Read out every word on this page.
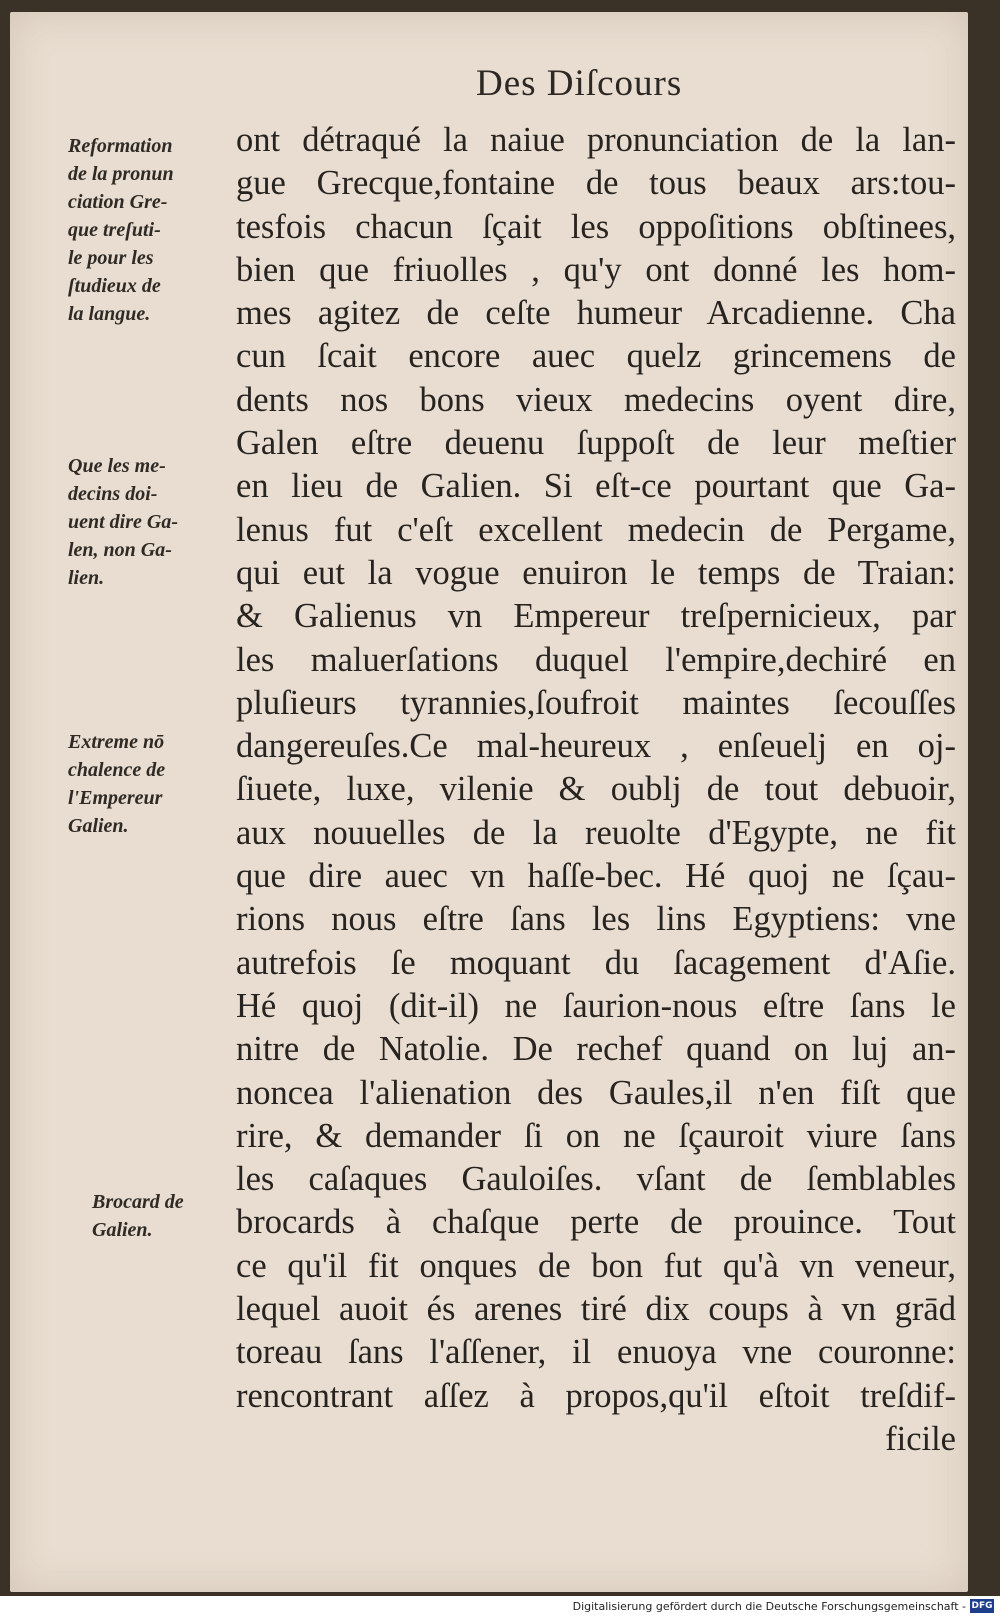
Des Diſcours
ont détraqué la naiue pronunciation de la lan-
gue Grecque,fontaine de tous beaux ars:tou-
tesfois chacun ſçait les oppoſitions obſtinees,
bien que friuolles , qu'y ont donné les hom-
mes agitez de ceſte humeur Arcadienne. Cha
cun ſcait encore auec quelz grincemens de
dents nos bons vieux medecins oyent dire,
Galen eſtre deuenu ſuppoſt de leur meſtier
en lieu de Galien. Si eſt-ce pourtant que Ga-
lenus fut c'eſt excellent medecin de Pergame,
qui eut la vogue enuiron le temps de Traian:
& Galienus vn Empereur treſpernicieux, par
les maluerſations duquel l'empire,dechiré en
pluſieurs tyrannies,ſoufroit maintes ſecouſſes
dangereuſes.Ce mal-heureux , enſeuelj en oj-
ſiuete, luxe, vilenie & oublj de tout debuoir,
aux nouuelles de la reuolte d'Egypte, ne fit
que dire auec vn haſſe-bec. Hé quoj ne ſçau-
rions nous eſtre ſans les lins Egyptiens: vne
autrefois ſe moquant du ſacagement d'Aſie.
Hé quoj (dit-il) ne ſaurion-nous eſtre ſans le
nitre de Natolie. De rechef quand on luj an-
noncea l'alienation des Gaules,il n'en fiſt que
rire, & demander ſi on ne ſçauroit viure ſans
les caſaques Gauloiſes. vſant de ſemblables
brocards à chaſque perte de prouince. Tout
ce qu'il fit onques de bon fut qu'à vn veneur,
lequel auoit és arenes tiré dix coups à vn grād
toreau ſans l'aſſener, il enuoya vne couronne:
rencontrant aſſez à propos,qu'il eſtoit treſdif-
ficile
Reformation
de la pronun
ciation Gre-
que treſuti-
le pour les
ſtudieux de
la langue.
Que les me-
decins doi-
uent dire Ga-
len, non Ga-
lien.
Extreme nō
chalence de
l'Empereur
Galien.
Brocard de
Galien.
Digitalisierung gefördert durch die Deutsche Forschungsgemeinschaft - DFG
